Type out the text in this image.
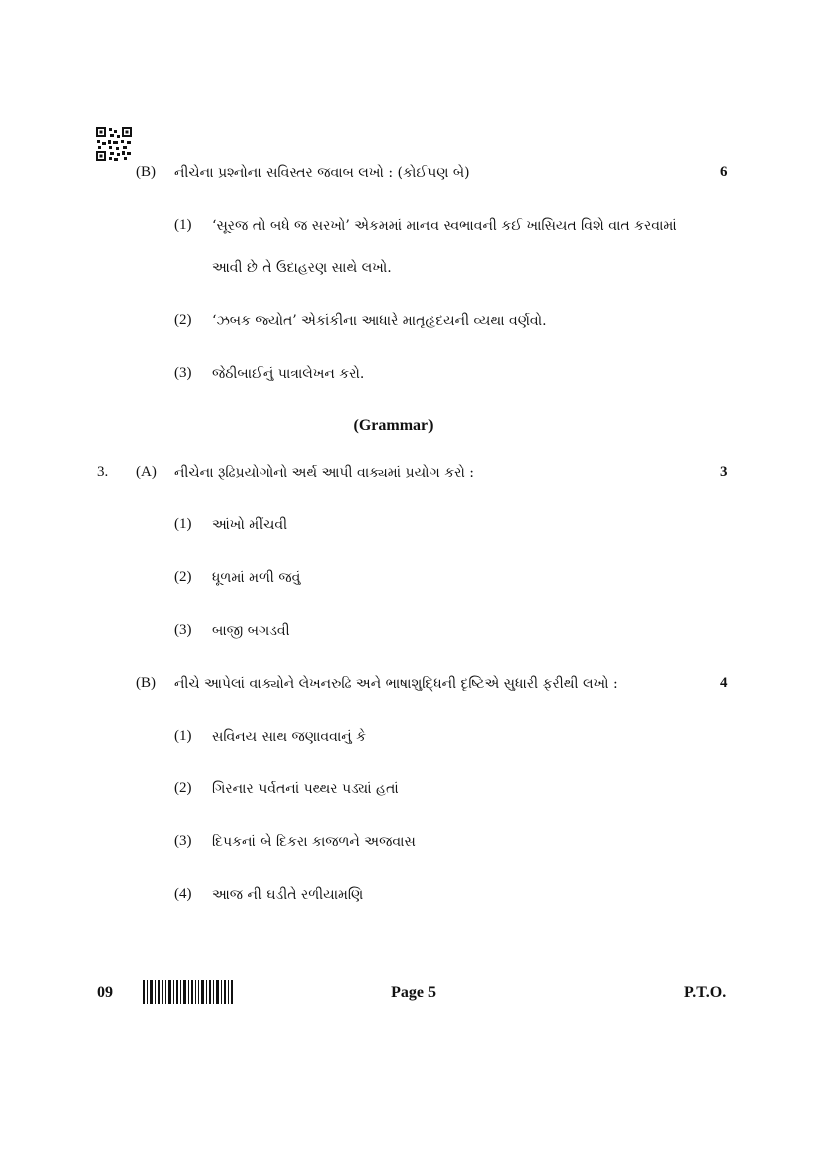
(B) નીચેના પ્રશ્નોના સવિસ્તર જવાબ લખો : (કોઈપણ બે)	6
(1) ‘સૂરજ તો બધે જ સરખો’ એકમમાં માનવ સ્વભાવની કઈ ખાસિયત વિશે વાત કરવામાં
આવી છે તે ઉદાહરણ સાથે લખો.
(2) ‘ઝબક જ્યોત’ એકાંકીના આધારે માતૃહૃદયની વ્યથા વર્ણવો.
(3) જેઠીબાઈનું પાત્રાલેખન કરો.
(Grammar)
3. (A) નીચેના રૂઢિપ્રયોગોનો અર્થ આપી વાક્યમાં પ્રયોગ કરો :	3
(1) આંખો મીંચવી
(2) ધૂળમાં મળી જવું
(3) બાજી બગડવી
(B) નીચે આપેલાં વાક્યોને લેખનરુઢિ અને ભાષાશુદ્ધિની દૃષ્ટિએ સુધારી ફરીથી લખો :	4
(1) સવિનય સાથ જણાવવાનું કે
(2) ગિરનાર પર્વતનાં પથ્થર પડ્યાં હતાં
(3) દિપકનાં બે દિકરા કાજળને અજવાસ
(4) આજ ની ઘડીતે રળીયામણિ
09	Page 5	P.T.O.
